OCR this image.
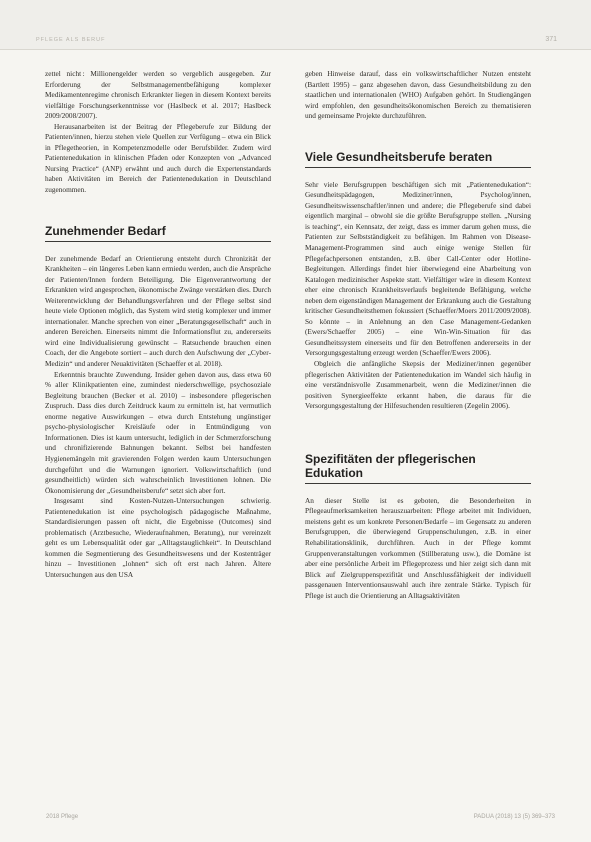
PFLEGE ALS BERUF	371

zettel nicht : Millionengelder werden so vergeblich ausgegeben. Zur Erforderung der Selbstmanagementbefähigung komplexer Medikamentenregime chronisch Erkrankter liegen in diesem Kontext bereits vielfältige Forschungserkenntnisse vor (Haslbeck et al. 2017; Haslbeck 2009/2008/2007).

Herausanarbeiten ist der Beitrag der Pflegeberufe zur Bildung der Patienten/innen, hierzu stehen viele Quellen zur Verfügung – etwa ein Blick in Pflegetheorien, in Kompetenzmodelle oder Berufsbilder. Zudem wird Patientenedukation in klinischen Pfaden oder Konzepten von „Advanced Nursing Practice“ (ANP) erwähnt und auch durch die Expertenstandards haben Aktivitäten im Bereich der Patientenedukation in Deutschland zugenommen.

Zunehmender Bedarf

Der zunehmende Bedarf an Orientierung entsteht durch Chronizität der Krankheiten – ein längeres Leben kann ermiedu werden, auch die Ansprüche der Patienten/Innen fordern Beteiligung. Die Eigenverantwortung der Erkrankten wird angesprochen, ökonomische Zwänge verstärken dies. Durch Weiterentwicklung der Behandlungsverfahren und der Pflege selbst sind heute viele Optionen möglich, das System wird stetig komplexer und immer internationaler. Manche sprechen von einer „Beratungsgesellschaft“ auch in anderen Bereichen. Einerseits nimmt die Informationsflut zu, andererseits wird eine Individualisierung gewünscht – Ratsuchende brauchen einen Coach, der die Angebote sortiert – auch durch den Aufschwung der „Cyber-Medizin“ und anderer Neuaktivitäten (Schaeffer et al. 2018).

Erkenntnis brauchte Zuwendung. Insider gehen davon aus, dass etwa 60 % aller Klinikpatienten eine, zumindest niederschwellige, psychosoziale Begleitung brauchen (Becker et al. 2010) – insbesondere pflegerischen Zuspruch. Dass dies durch Zeitdruck kaum zu ermitteln ist, hat vermutlich enorme negative Auswirkungen – etwa durch Entstehung ungünstiger psycho-physiologischer Kreisläufe oder in Entmündigung von Informationen. Dies ist kaum untersucht, lediglich in der Schmerzforschung und chronifizierende Bahnungen bekannt. Selbst bei handfesten Hygienemängeln mit gravierenden Folgen werden kaum Untersuchungen durchgeführt und die Warnungen ignoriert. Volkswirtschaftlich (und gesundheitlich) würden sich wahrscheinlich Investitionen lohnen. Die Ökonomisierung der „Gesundheitsberufe“ setzt sich aber fort.

Insgesamt sind Kosten-Nutzen-Untersuchungen schwierig. Patientenedukation ist eine psychologisch pädagogische Maßnahme, Standardisierungen passen oft nicht, die Ergebnisse (Outcomes) sind problematisch (Arztbesuche, Wiederaufnahmen, Beratung), nur vereinzelt geht es um Lebensqualität oder gar „Alltagstauglichkeit“. In Deutschland kommen die Segmentierung des Gesundheitswesens und der Kostenträger hinzu – Investitionen „lohnen“ sich oft erst nach Jahren. Ältere Untersuchungen aus den USA

geben Hinweise darauf, dass ein volkswirtschaftlicher Nutzen entsteht (Bartlett 1995) – ganz abgesehen davon, dass Gesundheitsbildung zu den staatlichen und internationalen (WHO) Aufgaben gehört. In Studiengängen wird empfohlen, den gesundheitsökonomischen Bereich zu thematisieren und gemeinsame Projekte durchzuführen.

Viele Gesundheitsberufe beraten

Sehr viele Berufsgruppen beschäftigen sich mit „Patientenedukation“: Gesundheitspädagogen, Mediziner/innen, Psycholog/innen, Gesundheitswissenschaftler/innen und andere; die Pflegeberufe sind dabei eigentlich marginal – obwohl sie die größte Berufsgruppe stellen. „Nursing is teaching“, ein Kennsatz, der zeigt, dass es immer darum gehen muss, die Patienten zur Selbstständigkeit zu befähigen. Im Rahmen von Disease-Management-Programmen sind auch einige wenige Stellen für Pflegefachpersonen entstanden, z.B. über Call-Center oder Hotline-Begleitungen. Allerdings findet hier überwiegend eine Abarbeitung von Katalogen medizinischer Aspekte statt. Vielfältiger wäre in diesem Kontext eher eine chronisch Krankheitsverlaufs begleitende Befähigung, welche neben dem eigenständigen Management der Erkrankung auch die Gestaltung kritischer Gesundheitsthemen fokussiert (Schaeffer/Moers 2011/2009/2008). So könnte – in Anlehnung an den Case Management-Gedanken (Ewers/Schaeffer 2005) – eine Win-Win-Situation für das Gesundheitssystem einerseits und für den Betroffenen andererseits in der Versorgungsgestaltung erzeugt werden (Schaeffer/Ewers 2006).

Obgleich die anfängliche Skepsis der Mediziner/innen gegenüber pflegerischen Aktivitäten der Patientenedukation im Wandel sich häufig in eine verständnisvolle Zusammenarbeit, wenn die Mediziner/innen die positiven Synergieeffekte erkannt haben, die daraus für die Versorgungsgestaltung der Hilfesuchenden resultieren (Zegelin 2006).

Spezifitäten der pflegerischen Edukation

An dieser Stelle ist es geboten, die Besonderheiten in Pflegeaufmerksamkeiten herauszuarbeiten: Pflege arbeitet mit Individuen, meistens geht es um konkrete Personen/Bedarfe – im Gegensatz zu anderen Berufsgruppen, die überwiegend Gruppenschulungen, z.B. in einer Rehabilitationsklinik, durchführen. Auch in der Pflege kommt Gruppenveranstaltungen vorkommen (Stillberatung usw.), die Domäne ist aber eine persönliche Arbeit im Pflegeprozess und hier zeigt sich dann mit Blick auf Zielgruppenspezifität und Anschlussfähigkeit der individuell passgenauen Interventionsauswahl auch ihre zentrale Stärke. Typisch für Pflege ist auch die Orientierung an Alltagsaktivitäten

2018 Pflege	PADUA (2018) 13 (5) 369–373
